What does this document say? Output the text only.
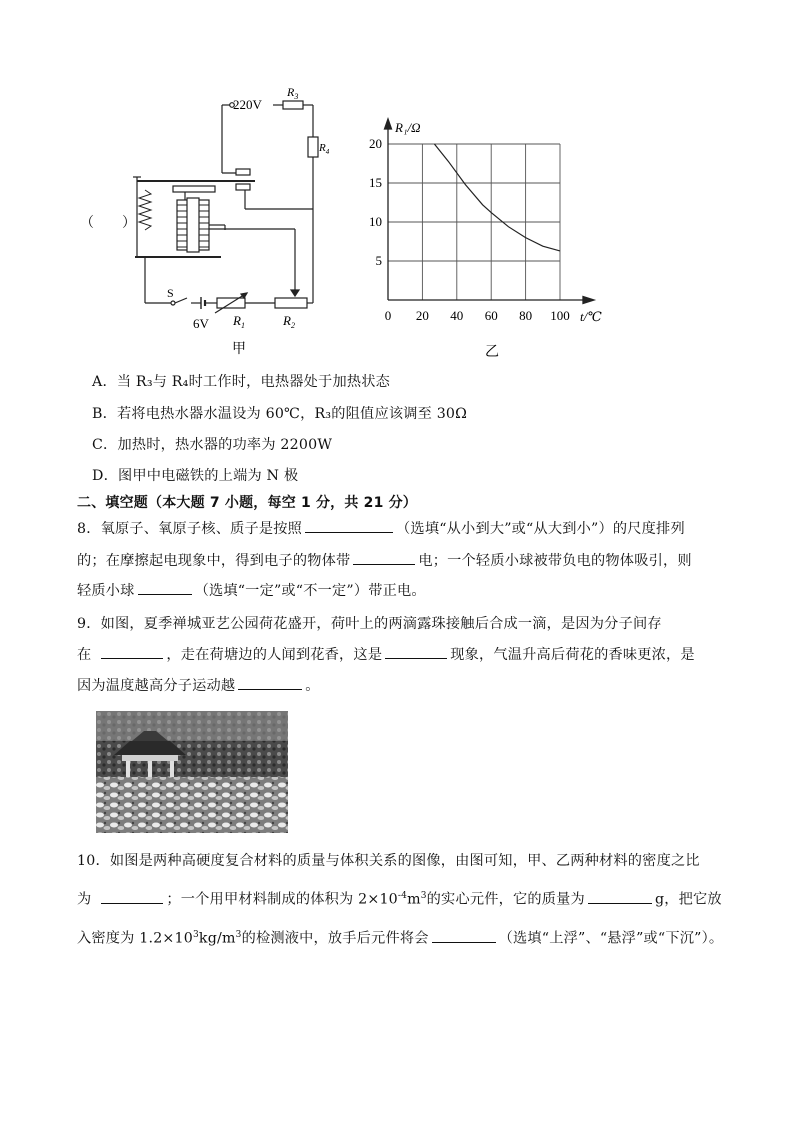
（　　）
220V
$R_3$
$R_4$
S
6V $R_1$	$R_2$
甲
0 20 40 60 80 100
5
10
15
20
R₁/Ω
t/℃
乙
A．当 R₃与 R₄时工作时，电热器处于加热状态
B．若将电热水器水温设为 60℃，R₃的阻值应该调至 30Ω
C．加热时，热水器的功率为 2200W
D．图甲中电磁铁的上端为 N 极
二、填空题（本大题 7 小题，每空 1 分，共 21 分）
8．氧原子、氧原子核、质子是按照	（选填“从小到大”或“从大到小”）的尺度排列
的；在摩擦起电现象中，得到电子的物体带	电；一个轻质小球被带负电的物体吸引，则
轻质小球	（选填“一定”或“不一定”）带正电。
9．如图，夏季禅城亚艺公园荷花盛开，荷叶上的两滴露珠接触后合成一滴，是因为分子间存
在	，走在荷塘边的人闻到花香，这是	现象，气温升高后荷花的香味更浓，是
因为温度越高分子运动越	。
10．如图是两种高硬度复合材料的质量与体积关系的图像，由图可知，甲、乙两种材料的密度之比
为	；一个用甲材料制成的体积为 $2\times 10^{-4}m^3$的实心元件，它的质量为	g，把它放
入密度为 $1.2\times 10^3kg/m^3$的检测液中，放手后元件将会	（选填“上浮”、“悬浮”或“下沉”）。
